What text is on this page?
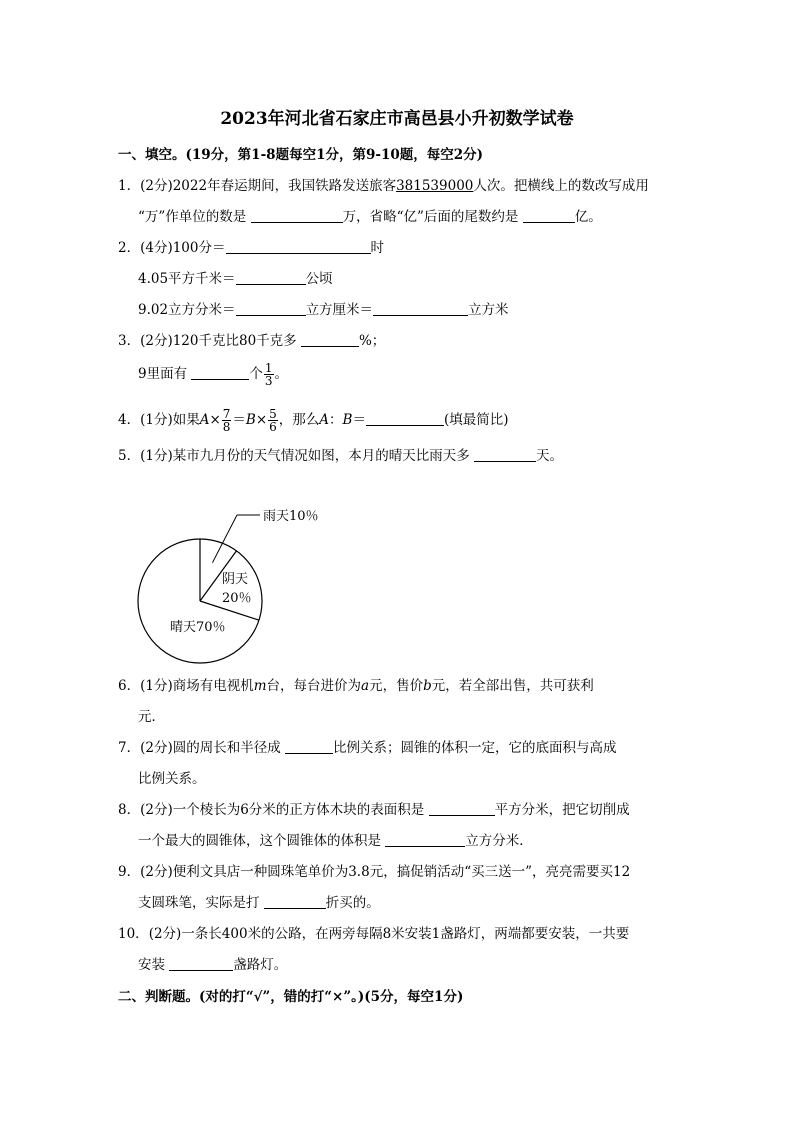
2023年河北省石家庄市高邑县小升初数学试卷
一、填空。(19分，第1-8题每空1分，第9-10题，每空2分)
1．(2分)2022年春运期间，我国铁路发送旅客381539000人次。把横线上的数改写成用
“万”作单位的数是	万，省略“亿”后面的尾数约是	亿。
2．(4分)100分＝	时
4.05平方千米＝	公顷
9.02立方分米＝	立方厘米＝	立方米
3．(2分)120千克比80千克多	%；
9里面有	个 $\frac{1}{3}$ 。
4．(1分)如果$A\times \frac{7}{8} =B\times \frac{5}{6}$ ，那么A：B＝	(填最简比)
5．(1分)某市九月份的天气情况如图，本月的晴天比雨天多	天。
雨天10％
阴天
20％
晴天70％
6．(1分)商场有电视机m台，每台进价为a元，售价b元，若全部出售，共可获利
元．
7．(2分)圆的周长和半径成	比例关系；圆锥的体积一定，它的底面积与高成
比例关系。
8．(2分)一个棱长为6分米的正方体木块的表面积是	平方分米，把它切削成
一个最大的圆锥体，这个圆锥体的体积是	立方分米．
9．(2分)便利文具店一种圆珠笔单价为3.8元，搞促销活动“买三送一”，亮亮需要买12
支圆珠笔，实际是打	折买的。
10．(2分)一条长400米的公路，在两旁每隔8米安装1盏路灯，两端都要安装，一共要
安装	盏路灯。
二、判断题。(对的打“√”，错的打“×”。)(5分，每空1分)
